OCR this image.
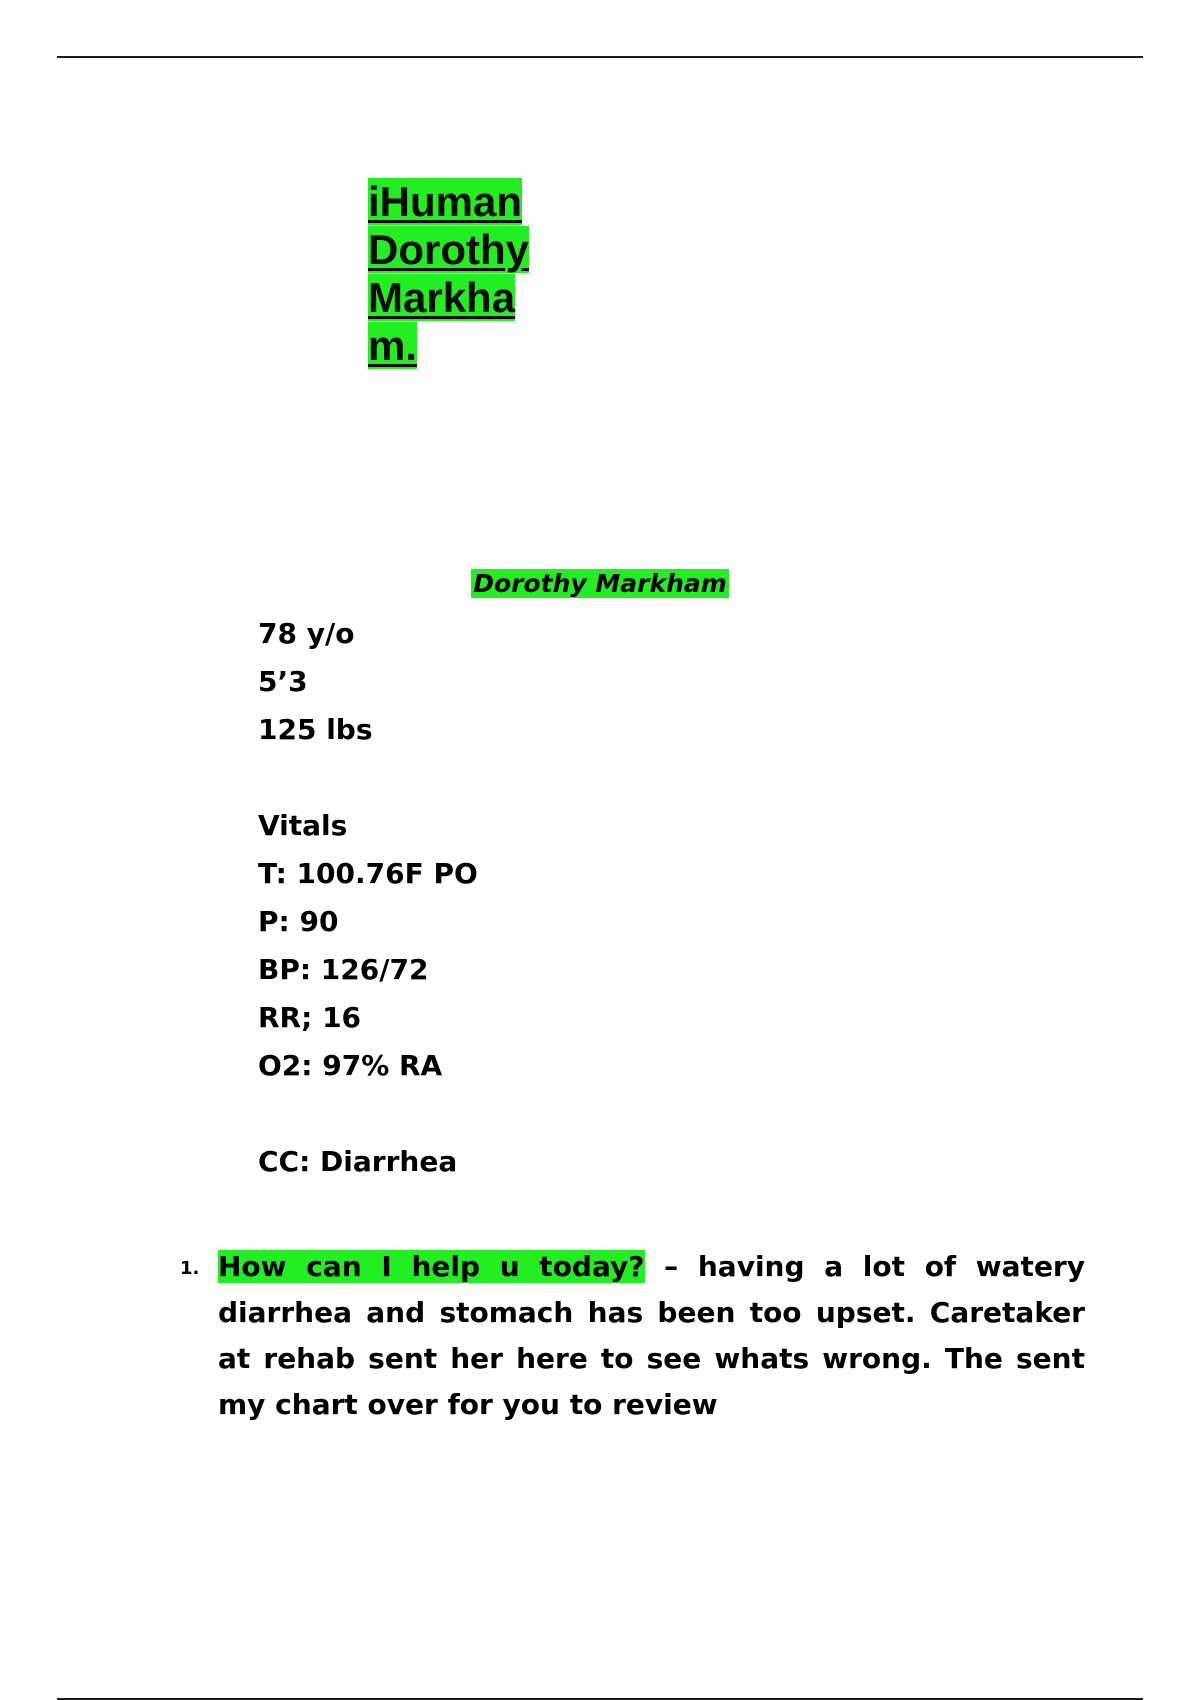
iHuman
Dorothy
Markha
m.
Dorothy Markham
78 y/o
5’3
125 lbs
Vitals
T: 100.76F PO
P: 90
BP: 126/72
RR; 16
O2: 97% RA
CC: Diarrhea
1. How can I help u today? – having a lot of watery diarrhea and stomach has been too upset. Caretaker at rehab sent her here to see whats wrong. The sent my chart over for you to review
